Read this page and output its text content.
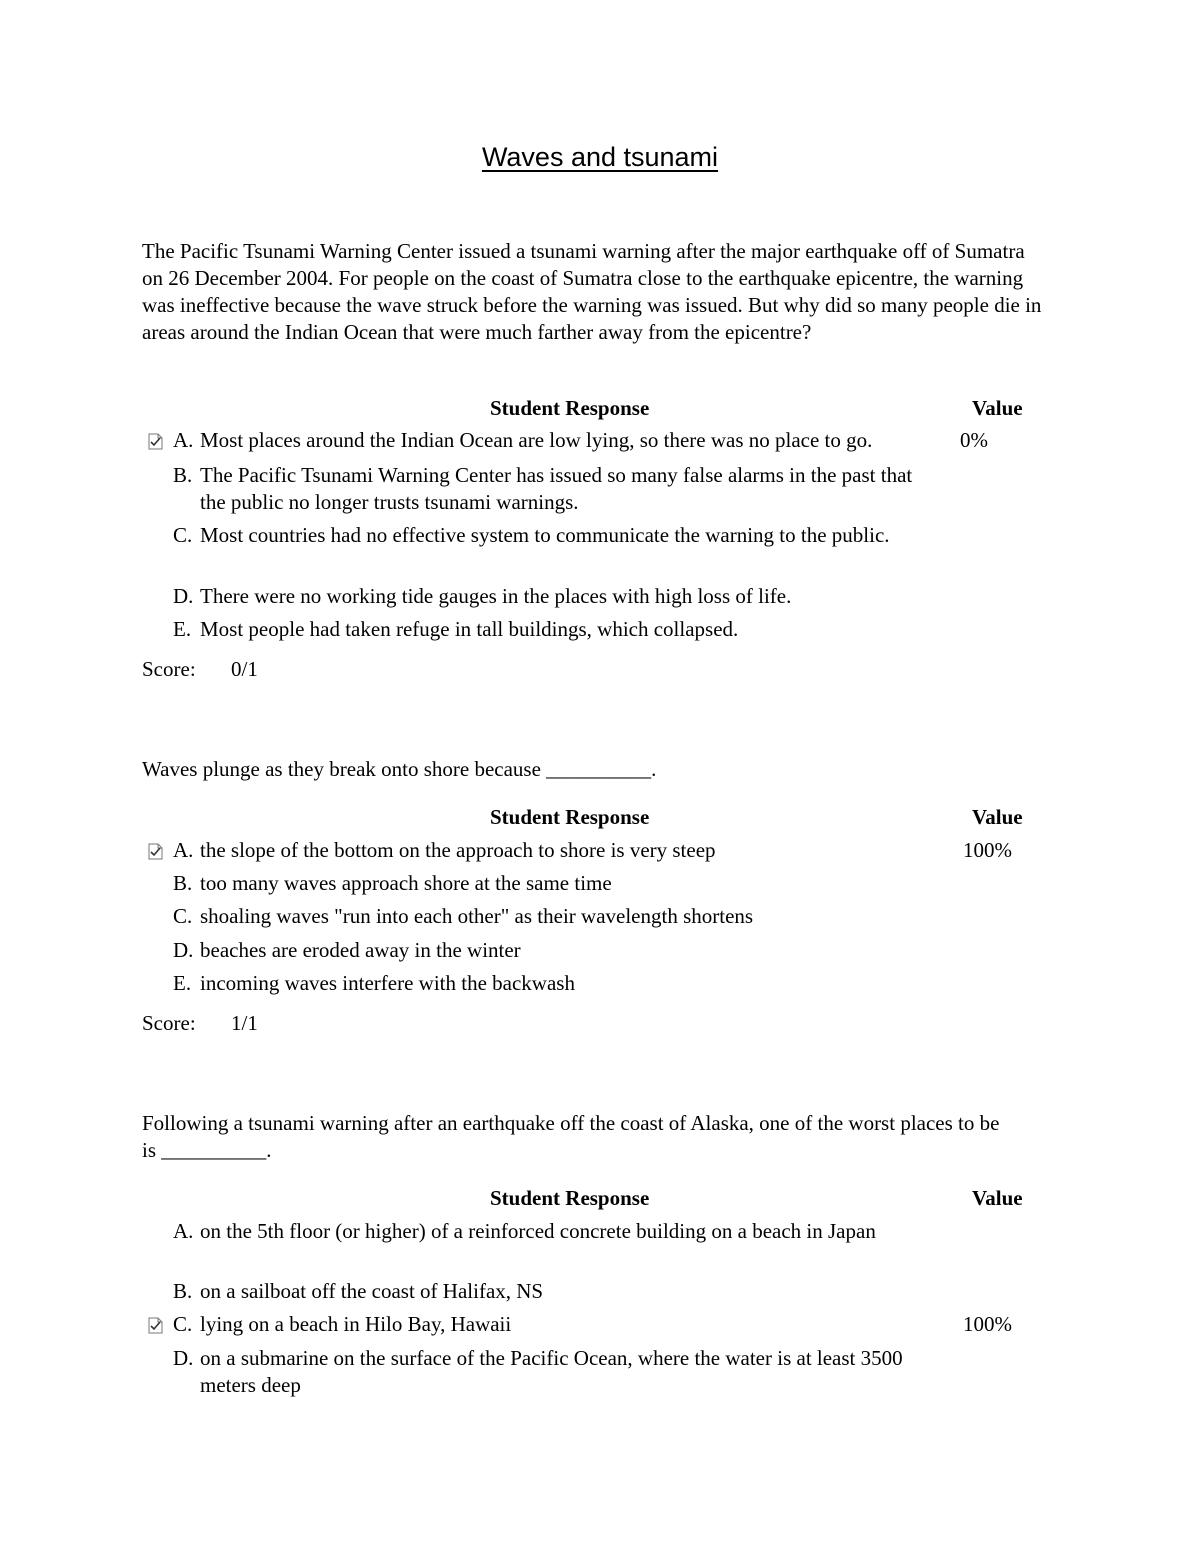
Waves and tsunami
The Pacific Tsunami Warning Center issued a tsunami warning after the major earthquake off of Sumatra on 26 December 2004. For people on the coast of Sumatra close to the earthquake epicentre, the warning was ineffective because the wave struck before the warning was issued. But why did so many people die in areas around the Indian Ocean that were much farther away from the epicentre?
Student Response	Value
A. Most places around the Indian Ocean are low lying, so there was no place to go.	0%
B. The Pacific Tsunami Warning Center has issued so many false alarms in the past that the public no longer trusts tsunami warnings.
C. Most countries had no effective system to communicate the warning to the public.
D. There were no working tide gauges in the places with high loss of life.
E. Most people had taken refuge in tall buildings, which collapsed.
Score: 0/1
Waves plunge as they break onto shore because __________.
Student Response	Value
A. the slope of the bottom on the approach to shore is very steep	100%
B. too many waves approach shore at the same time
C. shoaling waves "run into each other" as their wavelength shortens
D. beaches are eroded away in the winter
E. incoming waves interfere with the backwash
Score: 1/1
Following a tsunami warning after an earthquake off the coast of Alaska, one of the worst places to be is __________.
Student Response	Value
A. on the 5th floor (or higher) of a reinforced concrete building on a beach in Japan
B. on a sailboat off the coast of Halifax, NS
C. lying on a beach in Hilo Bay, Hawaii	100%
D. on a submarine on the surface of the Pacific Ocean, where the water is at least 3500 meters deep
